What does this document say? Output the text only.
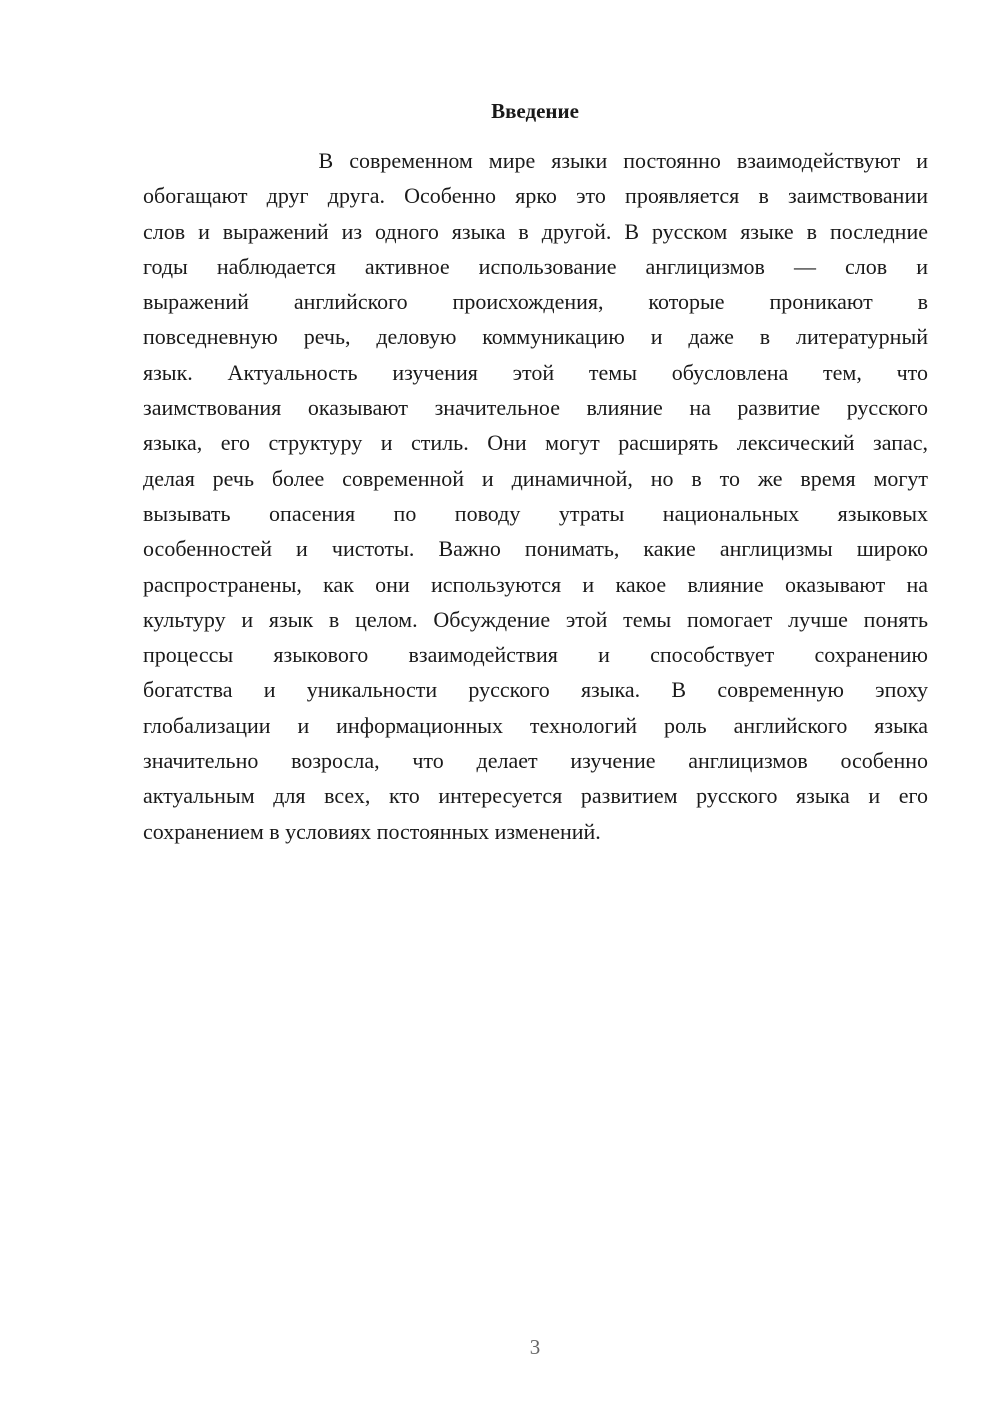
Введение
В современном мире языки постоянно взаимодействуют и
обогащают друг друга. Особенно ярко это проявляется в заимствовании
слов и выражений из одного языка в другой. В русском языке в последние
годы наблюдается активное использование англицизмов — слов и
выражений английского происхождения, которые проникают в
повседневную речь, деловую коммуникацию и даже в литературный
язык. Актуальность изучения этой темы обусловлена тем, что
заимствования оказывают значительное влияние на развитие русского
языка, его структуру и стиль. Они могут расширять лексический запас,
делая речь более современной и динамичной, но в то же время могут
вызывать опасения по поводу утраты национальных языковых
особенностей и чистоты. Важно понимать, какие англицизмы широко
распространены, как они используются и какое влияние оказывают на
культуру и язык в целом. Обсуждение этой темы помогает лучше понять
процессы языкового взаимодействия и способствует сохранению
богатства и уникальности русского языка. В современную эпоху
глобализации и информационных технологий роль английского языка
значительно возросла, что делает изучение англицизмов особенно
актуальным для всех, кто интересуется развитием русского языка и его
сохранением в условиях постоянных изменений.
3
